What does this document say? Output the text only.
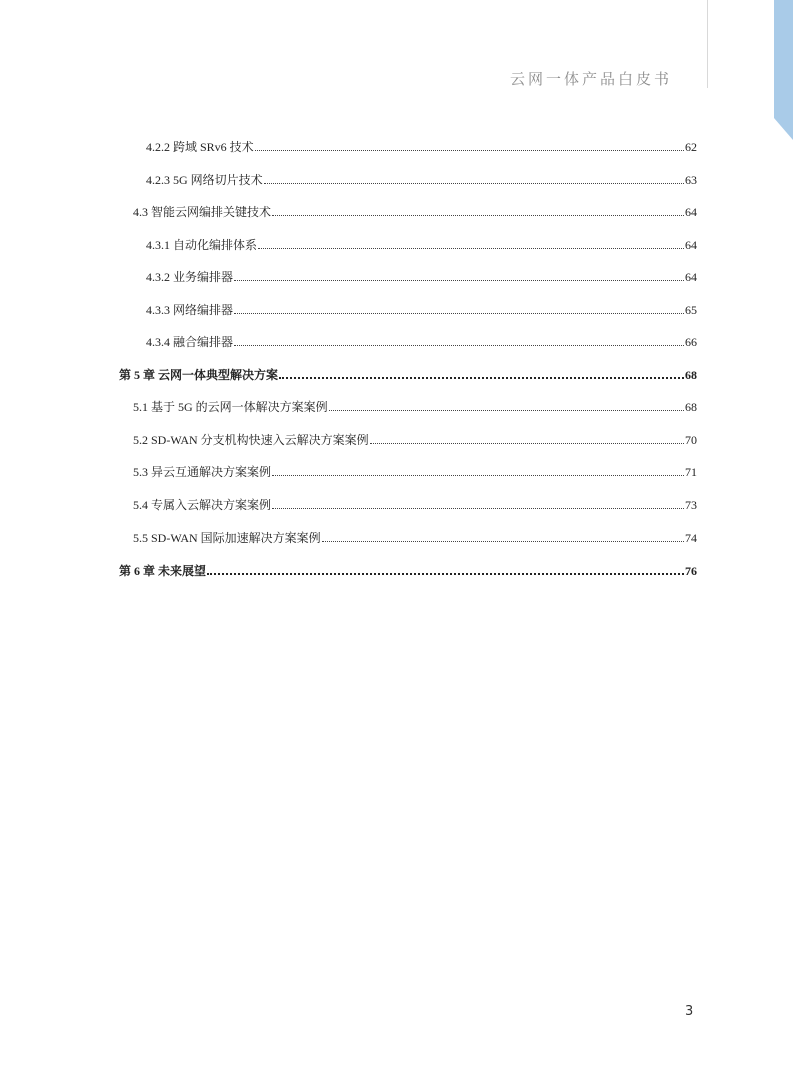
云网一体产品白皮书
4.2.2 跨域 SRv6 技术	62
4.2.3 5G 网络切片技术	63
4.3 智能云网编排关键技术	64
4.3.1 自动化编排体系	64
4.3.2 业务编排器	64
4.3.3 网络编排器	65
4.3.4 融合编排器	66
第 5 章 云网一体典型解决方案	68
5.1 基于 5G 的云网一体解决方案案例	68
5.2 SD-WAN 分支机构快速入云解决方案案例	70
5.3 异云互通解决方案案例	71
5.4 专属入云解决方案案例	73
5.5 SD-WAN 国际加速解决方案案例	74
第 6 章 未来展望	76
3
